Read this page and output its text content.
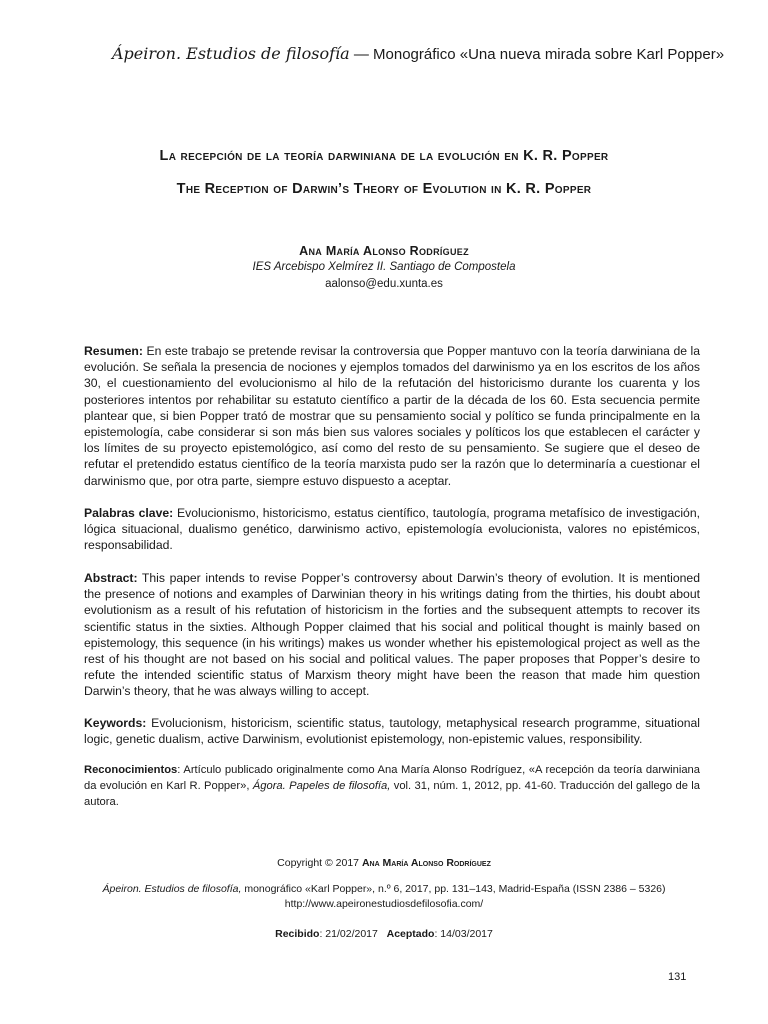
Ápeiron. Estudios de filosofía — Monográfico «Una nueva mirada sobre Karl Popper»
La recepción de la teoría darwiniana de la evolución en K. R. Popper
The Reception of Darwin’s Theory of Evolution in K. R. Popper
Ana María Alonso Rodríguez
IES Arcebispo Xelmírez II. Santiago de Compostela
aalonso@edu.xunta.es
Resumen: En este trabajo se pretende revisar la controversia que Popper mantuvo con la teoría darwiniana de la evolución. Se señala la presencia de nociones y ejemplos tomados del darwinismo ya en los escritos de los años 30, el cuestionamiento del evolucionismo al hilo de la refutación del historicismo durante los cuarenta y los posteriores intentos por rehabilitar su estatuto científico a partir de la década de los 60. Esta secuencia permite plantear que, si bien Popper trató de mostrar que su pensamiento social y político se funda principalmente en la epistemología, cabe considerar si son más bien sus valores sociales y políticos los que establecen el carácter y los límites de su proyecto epistemológico, así como del resto de su pensamiento. Se sugiere que el deseo de refutar el pretendido estatus científico de la teoría marxista pudo ser la razón que lo determinaría a cuestionar el darwinismo que, por otra parte, siempre estuvo dispuesto a aceptar.
Palabras clave: Evolucionismo, historicismo, estatus científico, tautología, programa metafísico de investigación, lógica situacional, dualismo genético, darwinismo activo, epistemología evolucionista, valores no epistémicos, responsabilidad.
Abstract: This paper intends to revise Popper’s controversy about Darwin’s theory of evolution. It is mentioned the presence of notions and examples of Darwinian theory in his writings dating from the thirties, his doubt about evolutionism as a result of his refutation of historicism in the forties and the subsequent attempts to recover its scientific status in the sixties. Although Popper claimed that his social and political thought is mainly based on epistemology, this sequence (in his writings) makes us wonder whether his epistemological project as well as the rest of his thought are not based on his social and political values. The paper proposes that Popper’s desire to refute the intended scientific status of Marxism theory might have been the reason that made him question Darwin’s theory, that he was always willing to accept.
Keywords: Evolucionism, historicism, scientific status, tautology, metaphysical research programme, situational logic, genetic dualism, active Darwinism, evolutionist epistemology, non-epistemic values, responsibility.
Reconocimientos: Artículo publicado originalmente como Ana María Alonso Rodríguez, «A recepción da teoría darwiniana da evolución en Karl R. Popper», Ágora. Papeles de filosofía, vol. 31, núm. 1, 2012, pp. 41-60. Traducción del gallego de la autora.
Copyright © 2017 Ana María Alonso Rodríguez
Ápeiron. Estudios de filosofía, monográfico «Karl Popper», n.º 6, 2017, pp. 131–143, Madrid-España (ISSN 2386 – 5326)
http://www.apeironestudiosdefilosofia.com/
Recibido: 21/02/2017 Aceptado: 14/03/2017
131
